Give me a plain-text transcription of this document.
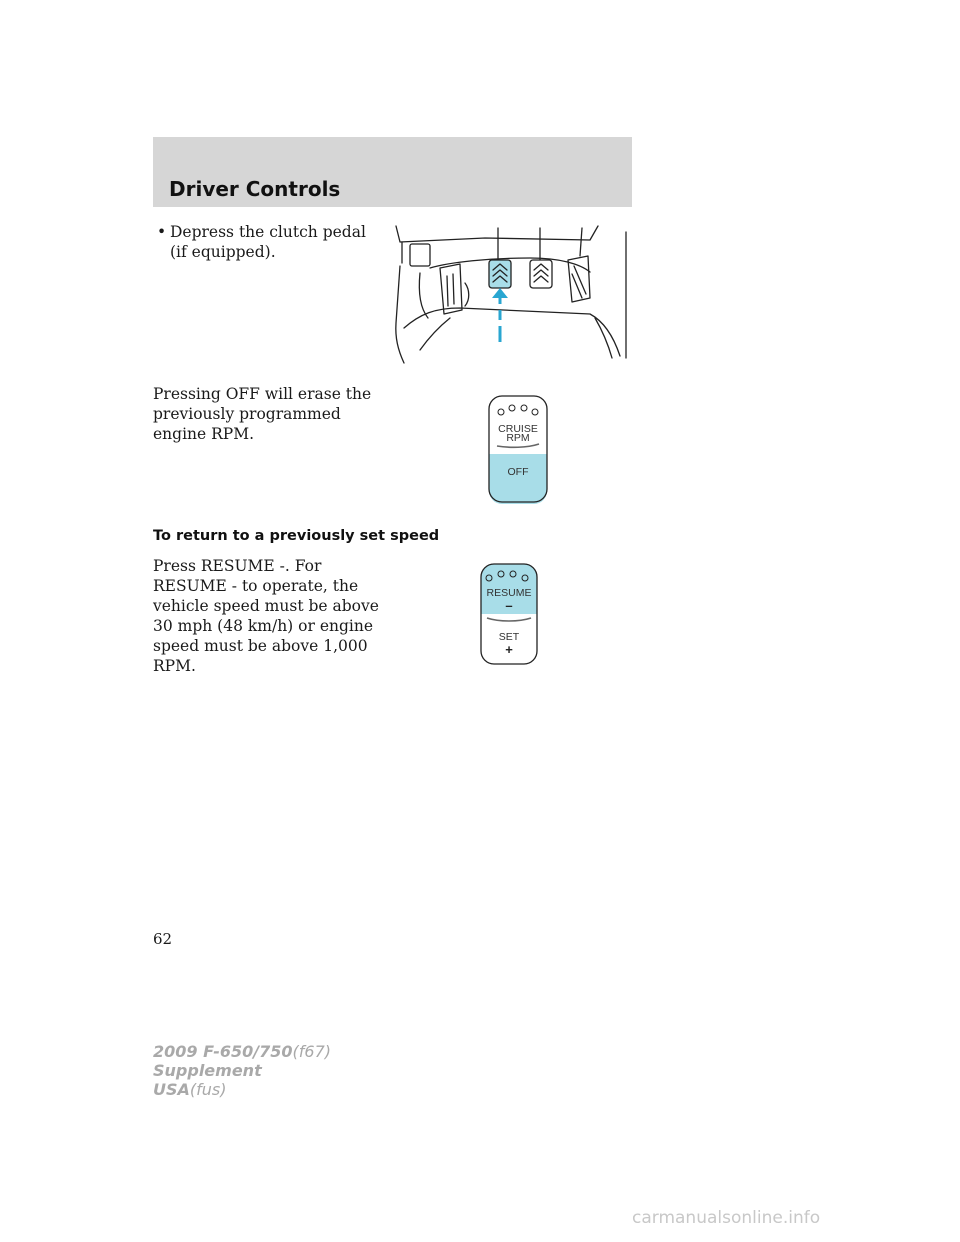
Driver Controls
• Depress the clutch pedal (if equipped).
Pressing OFF will erase the previously programmed engine RPM.	CRUISE
RPM
OFF
To return to a previously set speed
Press RESUME -. For RESUME - to operate, the vehicle speed must be above 30 mph (48 km/h) or engine speed must be above 1,000 RPM.
RESUME
–
SET
+
62
2009 F-650/750(f67)
Supplement
USA(fus)
carmanualsonline.info
